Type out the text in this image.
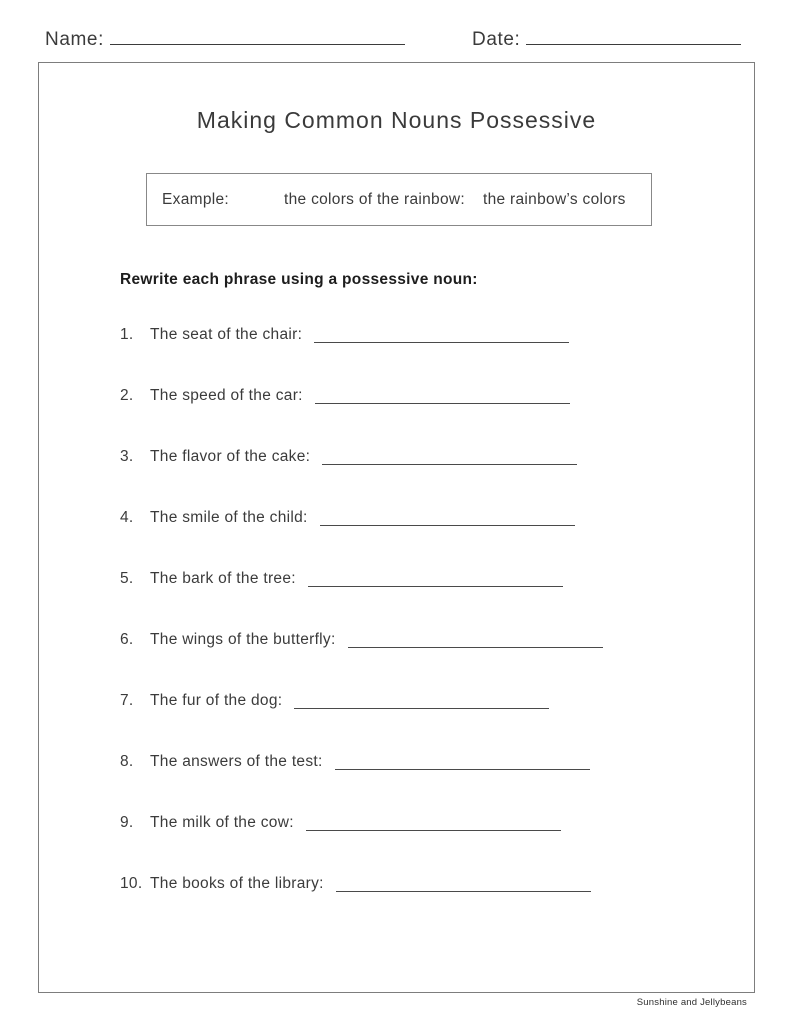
Name:	Date:
Making Common Nouns Possessive
Example:	the colors of the rainbow: the rainbow’s colors
Rewrite each phrase using a possessive noun:
1.	The seat of the chair:
2.	The speed of the car:
3.	The flavor of the cake:
4.	The smile of the child:
5.	The bark of the tree:
6.	The wings of the butterfly:
7.	The fur of the dog:
8.	The answers of the test:
9.	The milk of the cow:
10. The books of the library:
Sunshine and Jellybeans
